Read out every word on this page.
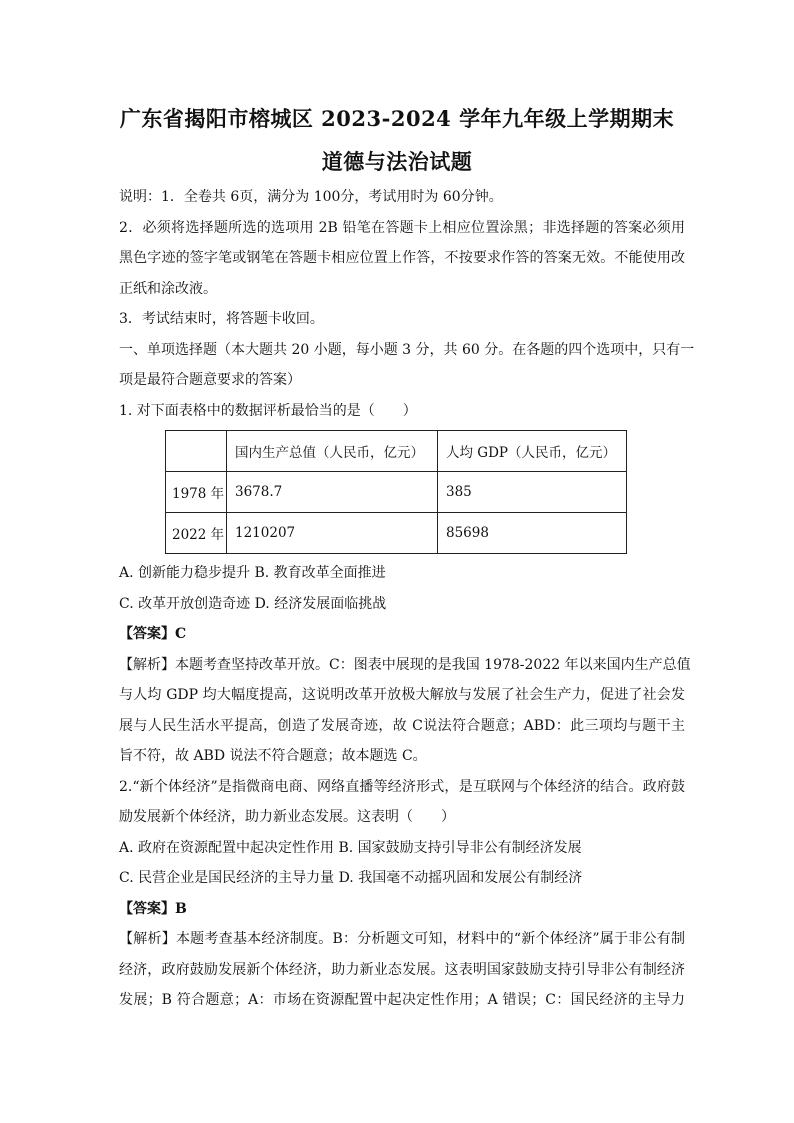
广东省揭阳市榕城区 2023-2024 学年九年级上学期期末
道德与法治试题
说明：1．全卷共 6页，满分为 100分，考试用时为 60分钟。
2．必须将选择题所选的选项用 2B 铅笔在答题卡上相应位置涂黑；非选择题的答案必须用
黑色字迹的签字笔或钢笔在答题卡相应位置上作答，不按要求作答的答案无效。不能使用改
正纸和涂改液。
3．考试结束时，将答题卡收回。
一、单项选择题（本大题共 20 小题，每小题 3 分，共 60 分。在各题的四个选项中，只有一
项是最符合题意要求的答案）
1. 对下面表格中的数据评析最恰当的是（　　）
	国内生产总值（人民币，亿元）	人均 GDP（人民币，亿元）
1978 年	3678.7	385
2022 年	1210207	85698
A. 创新能力稳步提升 B. 教育改革全面推进
C. 改革开放创造奇迹 D. 经济发展面临挑战
【答案】C
【解析】本题考查坚持改革开放。C：图表中展现的是我国 1978-2022 年以来国内生产总值
与人均 GDP 均大幅度提高，这说明改革开放极大解放与发展了社会生产力，促进了社会发
展与人民生活水平提高，创造了发展奇迹，故 C说法符合题意；ABD：此三项均与题干主
旨不符，故 ABD 说法不符合题意；故本题选 C。
2.“新个体经济”是指微商电商、网络直播等经济形式，是互联网与个体经济的结合。政府鼓
励发展新个体经济，助力新业态发展。这表明（　　）
A. 政府在资源配置中起决定性作用 B. 国家鼓励支持引导非公有制经济发展
C. 民营企业是国民经济的主导力量 D. 我国毫不动摇巩固和发展公有制经济
【答案】B
【解析】本题考查基本经济制度。B：分析题文可知，材料中的“新个体经济”属于非公有制
经济，政府鼓励发展新个体经济，助力新业态发展。这表明国家鼓励支持引导非公有制经济
发展；B 符合题意；A：市场在资源配置中起决定性作用；A 错误；C：国民经济的主导力
